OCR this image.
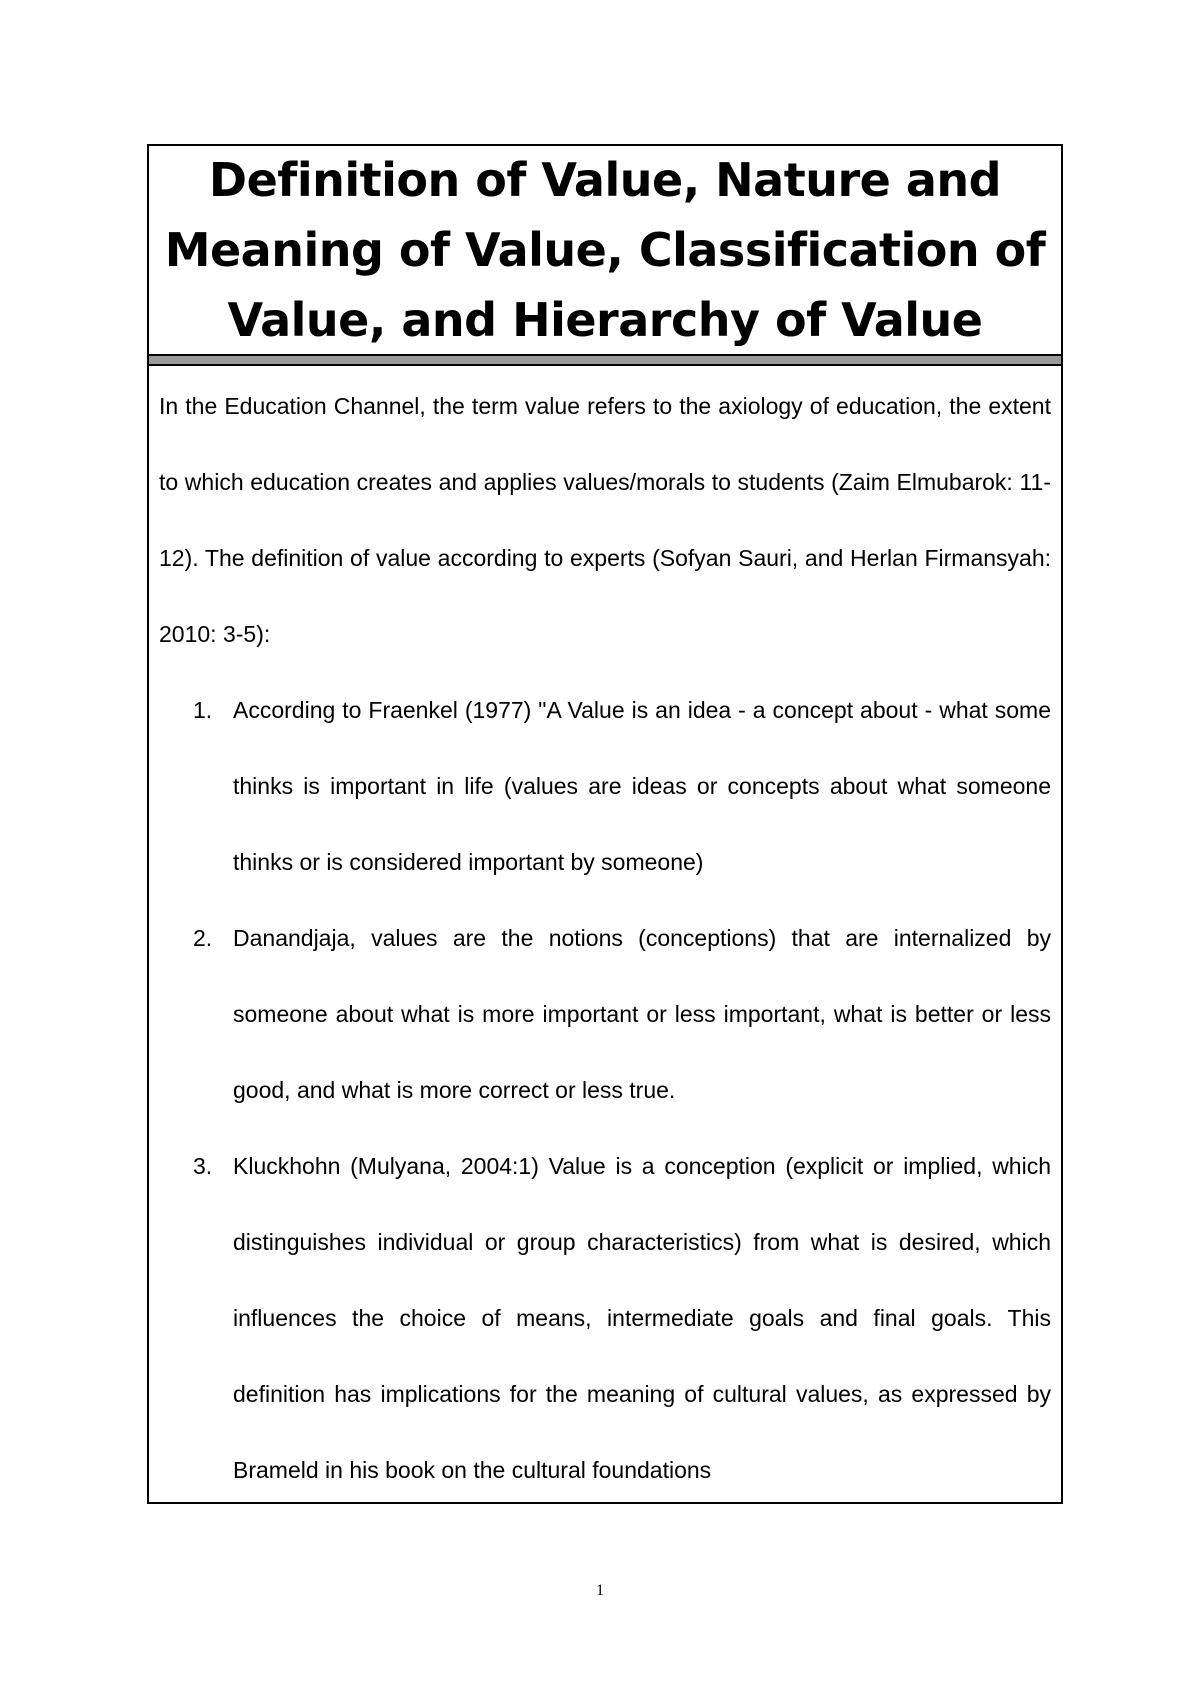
Definition of Value, Nature and Meaning of Value, Classification of Value, and Hierarchy of Value

In the Education Channel, the term value refers to the axiology of education, the extent to which education creates and applies values/morals to students (Zaim Elmubarok: 11-12). The definition of value according to experts (Sofyan Sauri, and Herlan Firmansyah: 2010: 3-5):

1. According to Fraenkel (1977) "A Value is an idea - a concept about - what some thinks is important in life (values are ideas or concepts about what someone thinks or is considered important by someone)
2. Danandjaja, values are the notions (conceptions) that are internalized by someone about what is more important or less important, what is better or less good, and what is more correct or less true.
3. Kluckhohn (Mulyana, 2004:1) Value is a conception (explicit or implied, which distinguishes individual or group characteristics) from what is desired, which influences the choice of means, intermediate goals and final goals. This definition has implications for the meaning of cultural values, as expressed by Brameld in his book on the cultural foundations
1
